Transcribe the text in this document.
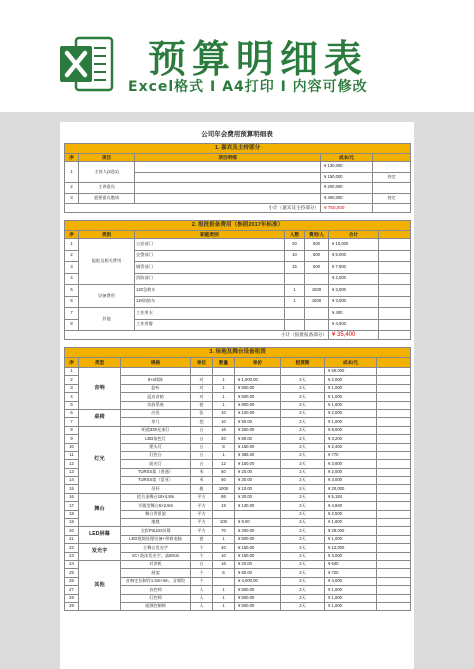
预算明细表
Excel格式 I A4打印 I 内容可修改
公司年会费用预算明细表
1. 嘉宾及主持部分				
序	项目	项目明细	成本/元	
1	主持人(2选1)		¥ 130,000	
			¥ 150,000	待定
2	主讲嘉宾		¥ 200,000	
3	重要嘉宾邀请		¥ 400,000	待定
小计（嘉宾及主持部分）			¥ 750,000	
2. 报批报备费用（参照2017年标准）						
序	类别	职能类别	人数	费用/人	合计	
1	报批及相关费用	公安部门	20	500	¥ 10,000	
2		交警部门	10	500	¥ 5,000	
3		城管部门	15	500	¥ 7,500	
4		消防部门			¥ 2,000	
5	设备费用	120急救车	1	1500	¥ 3,000	
6		119消防车	1	1500	¥ 3,000	
7	其他	工作用水			¥ 400	
8		工作用餐			¥ 4,500	
小计（报批报备部分）					¥ 35,400	
3. 场地及舞台设备租赁								
序	类型	规格	单位	数量	单价	租赁期	成本/元	
1	音响						¥ 60,000	
2		8+4线阵	对	1	¥ 1,000.00	2天	¥ 2,000	
3		监听	对	1	¥ 500.00	2天	¥ 1,000	
4		返送音箱	对	1	¥ 500.00	2天	¥ 1,000	
5		功放系统	套	1	¥ 800.00	2天	¥ 1,600	
6	桌椅	沙发	张	10	¥ 100.00	2天	¥ 2,000	
7		茶几	把	10	¥ 50.00	2天	¥ 1,000	
8	灯光	明道330光束灯	台	16	¥ 250.00	2天	¥ 8,000	
9		LED染色灯	台	20	¥ 80.00	2天	¥ 3,200	
10		摇头灯	台	8	¥ 150.00	2天	¥ 2,400	
11		灯控台	台	1	¥ 385.00	2天	¥ 770	
12		面光灯	台	12	¥ 150.00	2天	¥ 3,600	
13		TURSS架（普通）	米	50	¥ 20.00	2天	¥ 2,000	
14		TURSS架（雷亚）	米	50	¥ 30.00	2天	¥ 3,000	
15		吊杆	根	1000	¥ 10.00	2天	¥ 20,000	
16	舞台	铝合金舞台18×4.8m	平方	86	¥ 30.00	2天	¥ 5,184	
17		半圆型舞台5×2.5m	平方	19	¥ 130.00	2天	¥ 4,940	
18		舞台背景架	平方			2天	¥ 2,500	
19		地毯	平方	100	¥ 8.00	2天	¥ 1,600	
20	LED屏幕	全彩P3LED屏幕	平方	70	¥ 200.00	2天	¥ 28,000	
21		LED视频处理设备+带着电脑	套	1	¥ 500.00	2天	¥ 1,000	
22	发光字	主舞台发光字	个	40	¥ 150.00	2天	¥ 12,000	
23		VC+泡沫发光字，高80cm	个	10	¥ 150.00	2天	¥ 3,000	
24	其他	对讲机	台	16	¥ 20.00	2天	¥ 640	
25		展架	个	6	¥ 60.00	2天	¥ 720	
26		音响定位制作1.5m×4m，含喷绘	个		¥ 4,000.00	2天	¥ 4,000	
27		音控师	人	1	¥ 500.00	2天	¥ 1,000	
28		灯控师	人	1	¥ 500.00	2天	¥ 1,000	
29		视频控制师	人	1	¥ 500.00	2天	¥ 1,000	
